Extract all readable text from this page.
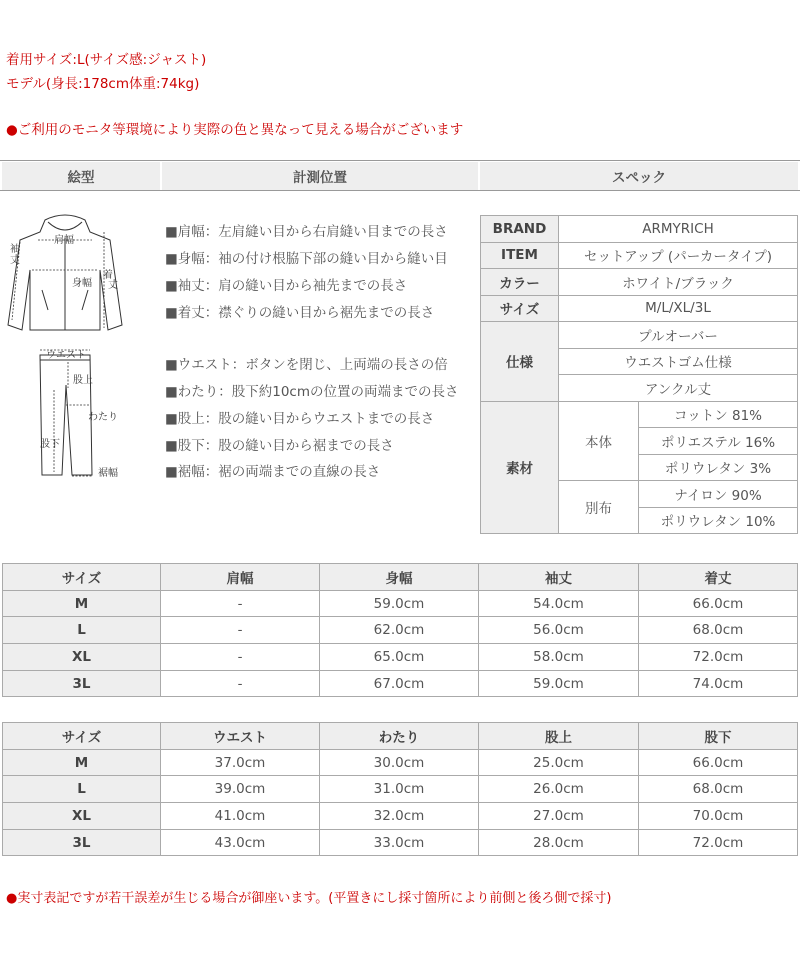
着用サイズ:L(サイズ感:ジャスト)
モデル(身長:178cm体重:74kg)
●ご利用のモニタ等環境により実際の色と異なって見える場合がございます
絵型	計測位置	スペック
袖
丈
肩幅
身幅
着
丈
ウエスト
股上
わたり
股下
裾幅
■肩幅：左肩縫い目から右肩縫い目までの長さ
■身幅：袖の付け根脇下部の縫い目から縫い目
■袖丈：肩の縫い目から袖先までの長さ
■着丈：襟ぐりの縫い目から裾先までの長さ
■ウエスト：ボタンを閉じ、上両端の長さの倍
■わたり：股下約10cmの位置の両端までの長さ
■股上：股の縫い目からウエストまでの長さ
■股下：股の縫い目から裾までの長さ
■裾幅：裾の両端までの直線の長さ
BRAND	ARMYRICH	
ITEM	セットアップ (パーカータイプ)	
カラー	ホワイト/ブラック	
サイズ	M/L/XL/3L	
仕様	プルオーバー	
	ウエストゴム仕様	
	アンクル丈	
素材	本体	コットン 81%
		ポリエステル 16%
		ポリウレタン 3%
	別布	ナイロン 90%
		ポリウレタン 10%
サイズ	肩幅	身幅	袖丈	着丈
M	-	59.0cm	54.0cm	66.0cm
L	-	62.0cm	56.0cm	68.0cm
XL	-	65.0cm	58.0cm	72.0cm
3L	-	67.0cm	59.0cm	74.0cm
サイズ	ウエスト	わたり	股上	股下
M	37.0cm	30.0cm	25.0cm	66.0cm
L	39.0cm	31.0cm	26.0cm	68.0cm
XL	41.0cm	32.0cm	27.0cm	70.0cm
3L	43.0cm	33.0cm	28.0cm	72.0cm
●実寸表記ですが若干誤差が生じる場合が御座います。(平置きにし採寸箇所により前側と後ろ側で採寸)
